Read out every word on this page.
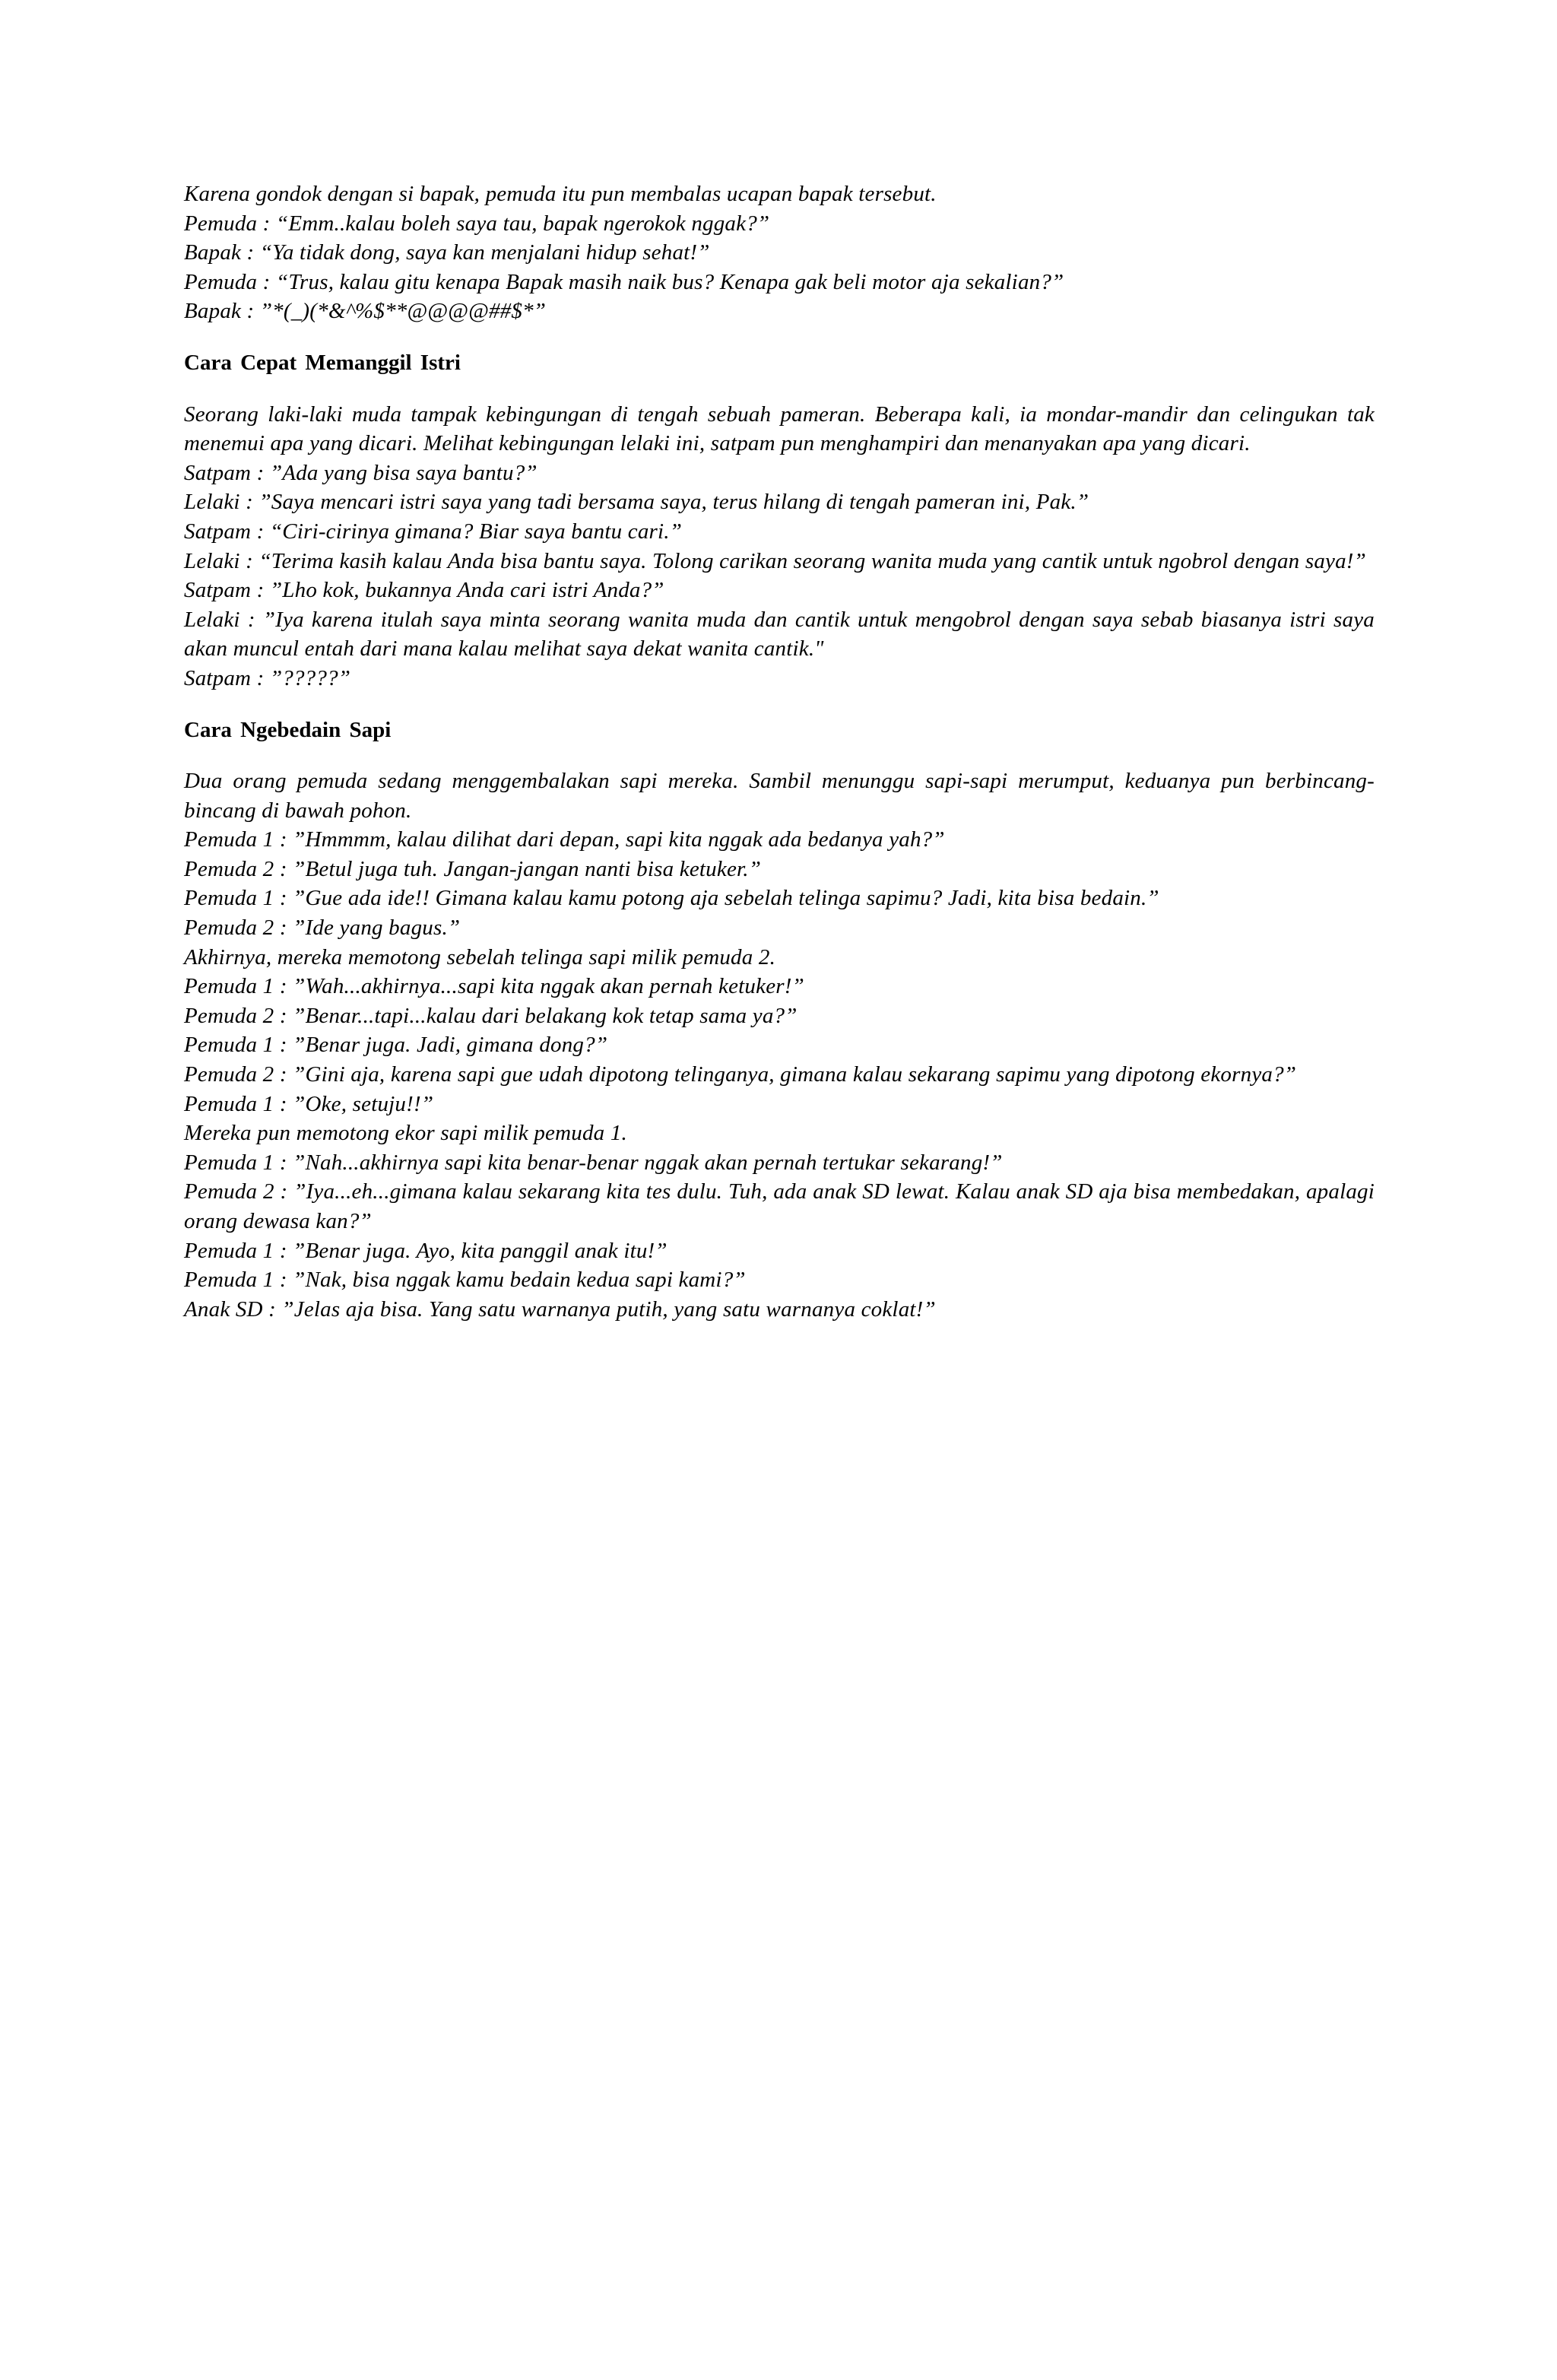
Karena gondok dengan si bapak, pemuda itu pun membalas ucapan bapak tersebut.
Pemuda : “Emm..kalau boleh saya tau, bapak ngerokok nggak?”
Bapak : “Ya tidak dong, saya kan menjalani hidup sehat!”
Pemuda : “Trus, kalau gitu kenapa Bapak masih naik bus? Kenapa gak beli motor aja sekalian?”
Bapak : ”*(_)(*&^%$**@@@@##$*”
Cara Cepat Memanggil Istri
Seorang laki-laki muda tampak kebingungan di tengah sebuah pameran. Beberapa kali, ia mondar-mandir dan celingukan tak menemui apa yang dicari. Melihat kebingungan lelaki ini, satpam pun menghampiri dan menanyakan apa yang dicari.
Satpam : ”Ada yang bisa saya bantu?”
Lelaki : ”Saya mencari istri saya yang tadi bersama saya, terus hilang di tengah pameran ini, Pak.”
Satpam : “Ciri-cirinya gimana? Biar saya bantu cari.”
Lelaki : “Terima kasih kalau Anda bisa bantu saya. Tolong carikan seorang wanita muda yang cantik untuk ngobrol dengan saya!”
Satpam : ”Lho kok, bukannya Anda cari istri Anda?”
Lelaki : ”Iya karena itulah saya minta seorang wanita muda dan cantik untuk mengobrol dengan saya sebab biasanya istri saya akan muncul entah dari mana kalau melihat saya dekat wanita cantik."
Satpam : ”?????”
Cara Ngebedain Sapi
Dua orang pemuda sedang menggembalakan sapi mereka. Sambil menunggu sapi-sapi merumput, keduanya pun berbincang-bincang di bawah pohon.
Pemuda 1 : ”Hmmmm, kalau dilihat dari depan, sapi kita nggak ada bedanya yah?”
Pemuda 2 : ”Betul juga tuh. Jangan-jangan nanti bisa ketuker.”
Pemuda 1 : ”Gue ada ide!! Gimana kalau kamu potong aja sebelah telinga sapimu? Jadi, kita bisa bedain.”
Pemuda 2 : ”Ide yang bagus.”
Akhirnya, mereka memotong sebelah telinga sapi milik pemuda 2.
Pemuda 1 : ”Wah...akhirnya...sapi kita nggak akan pernah ketuker!”
Pemuda 2 : ”Benar...tapi...kalau dari belakang kok tetap sama ya?”
Pemuda 1 : ”Benar juga. Jadi, gimana dong?”
Pemuda 2 : ”Gini aja, karena sapi gue udah dipotong telinganya, gimana kalau sekarang sapimu yang dipotong ekornya?”
Pemuda 1 : ”Oke, setuju!!”
Mereka pun memotong ekor sapi milik pemuda 1.
Pemuda 1 : ”Nah...akhirnya sapi kita benar-benar nggak akan pernah tertukar sekarang!”
Pemuda 2 : ”Iya...eh...gimana kalau sekarang kita tes dulu. Tuh, ada anak SD lewat. Kalau anak SD aja bisa membedakan, apalagi orang dewasa kan?”
Pemuda 1 : ”Benar juga. Ayo, kita panggil anak itu!”
Pemuda 1 : ”Nak, bisa nggak kamu bedain kedua sapi kami?”
Anak SD : ”Jelas aja bisa. Yang satu warnanya putih, yang satu warnanya coklat!”
